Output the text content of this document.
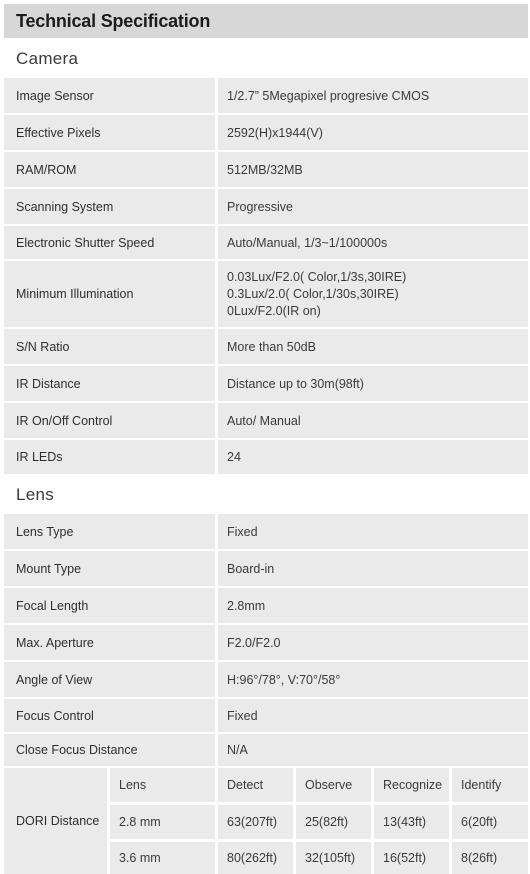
Technical Specification
Camera
Image Sensor	1/2.7” 5Megapixel progresive CMOS
Effective Pixels	2592(H)x1944(V)
RAM/ROM	512MB/32MB
Scanning System	Progressive
Electronic Shutter Speed	Auto/Manual, 1/3~1/100000s
Minimum Illumination
0.03Lux/F2.0( Color,1/3s,30IRE)
0.3Lux/2.0( Color,1/30s,30IRE)
0Lux/F2.0(IR on)
S/N Ratio	More than 50dB
IR Distance	Distance up to 30m(98ft)
IR On/Off Control	Auto/ Manual
IR LEDs	24
Lens
Lens Type	Fixed
Mount Type	Board-in
Focal Length	2.8mm
Max. Aperture	F2.0/F2.0
Angle of View	H:96°/78°, V:70°/58°
Focus Control	Fixed
Close Focus Distance	N/A
DORI Distance
Lens	Detect	Observe	Recognize	Identify
2.8 mm	63(207ft)	25(82ft)	13(43ft)	6(20ft)
3.6 mm	80(262ft)	32(105ft)	16(52ft)	8(26ft)
